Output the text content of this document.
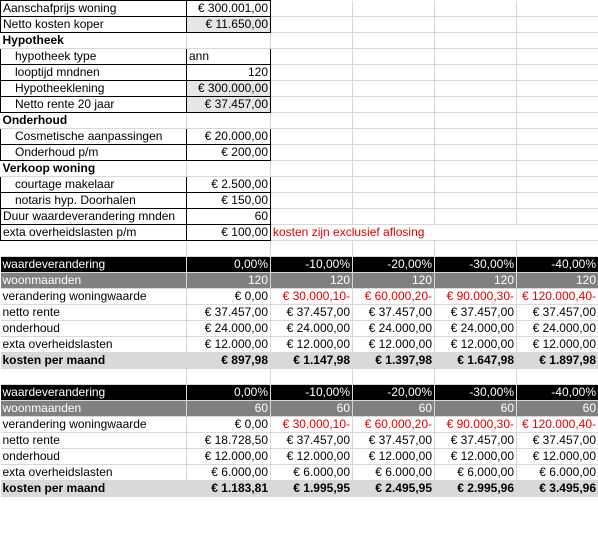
Aanschafprijs woning	€ 300.001,00				
Netto kosten koper	€ 11.650,00				
Hypotheek					
hypotheek type	ann				
looptijd mndnen	120				
Hypotheeklening	€ 300.000,00				
Netto rente 20 jaar	€ 37.457,00				
Onderhoud					
Cosmetische aanpassingen	€ 20.000,00				
Onderhoud p/m	€ 200,00				
Verkoop woning					
courtage makelaar	€ 2.500,00				
notaris hyp. Doorhalen	€ 150,00				
Duur waardeverandering mnden	60				
exta overheidslasten p/m	€ 100,00	kosten zijn exclusief aflosing			

waardeverandering	0,00%	-10,00%	-20,00%	-30,00%	-40,00%
woonmaanden	120	120	120	120	120
verandering woningwaarde	€ 0,00	€ 30.000,10-	€ 60.000,20-	€ 90.000,30-	€ 120.000,40-
netto rente	€ 37.457,00	€ 37.457,00	€ 37.457,00	€ 37.457,00	€ 37.457,00
onderhoud	€ 24.000,00	€ 24.000,00	€ 24.000,00	€ 24.000,00	€ 24.000,00
exta overheidslasten	€ 12.000,00	€ 12.000,00	€ 12.000,00	€ 12.000,00	€ 12.000,00
kosten per maand	€ 897,98	€ 1.147,98	€ 1.397,98	€ 1.647,98	€ 1.897,98

waardeverandering	0,00%	-10,00%	-20,00%	-30,00%	-40,00%
woonmaanden	60	60	60	60	60
verandering woningwaarde	€ 0,00	€ 30.000,10-	€ 60.000,20-	€ 90.000,30-	€ 120.000,40-
netto rente	€ 18.728,50	€ 37.457,00	€ 37.457,00	€ 37.457,00	€ 37.457,00
onderhoud	€ 12.000,00	€ 12.000,00	€ 12.000,00	€ 12.000,00	€ 12.000,00
exta overheidslasten	€ 6.000,00	€ 6.000,00	€ 6.000,00	€ 6.000,00	€ 6.000,00
kosten per maand	€ 1.183,81	€ 1.995,95	€ 2.495,95	€ 2.995,96	€ 3.495,96
